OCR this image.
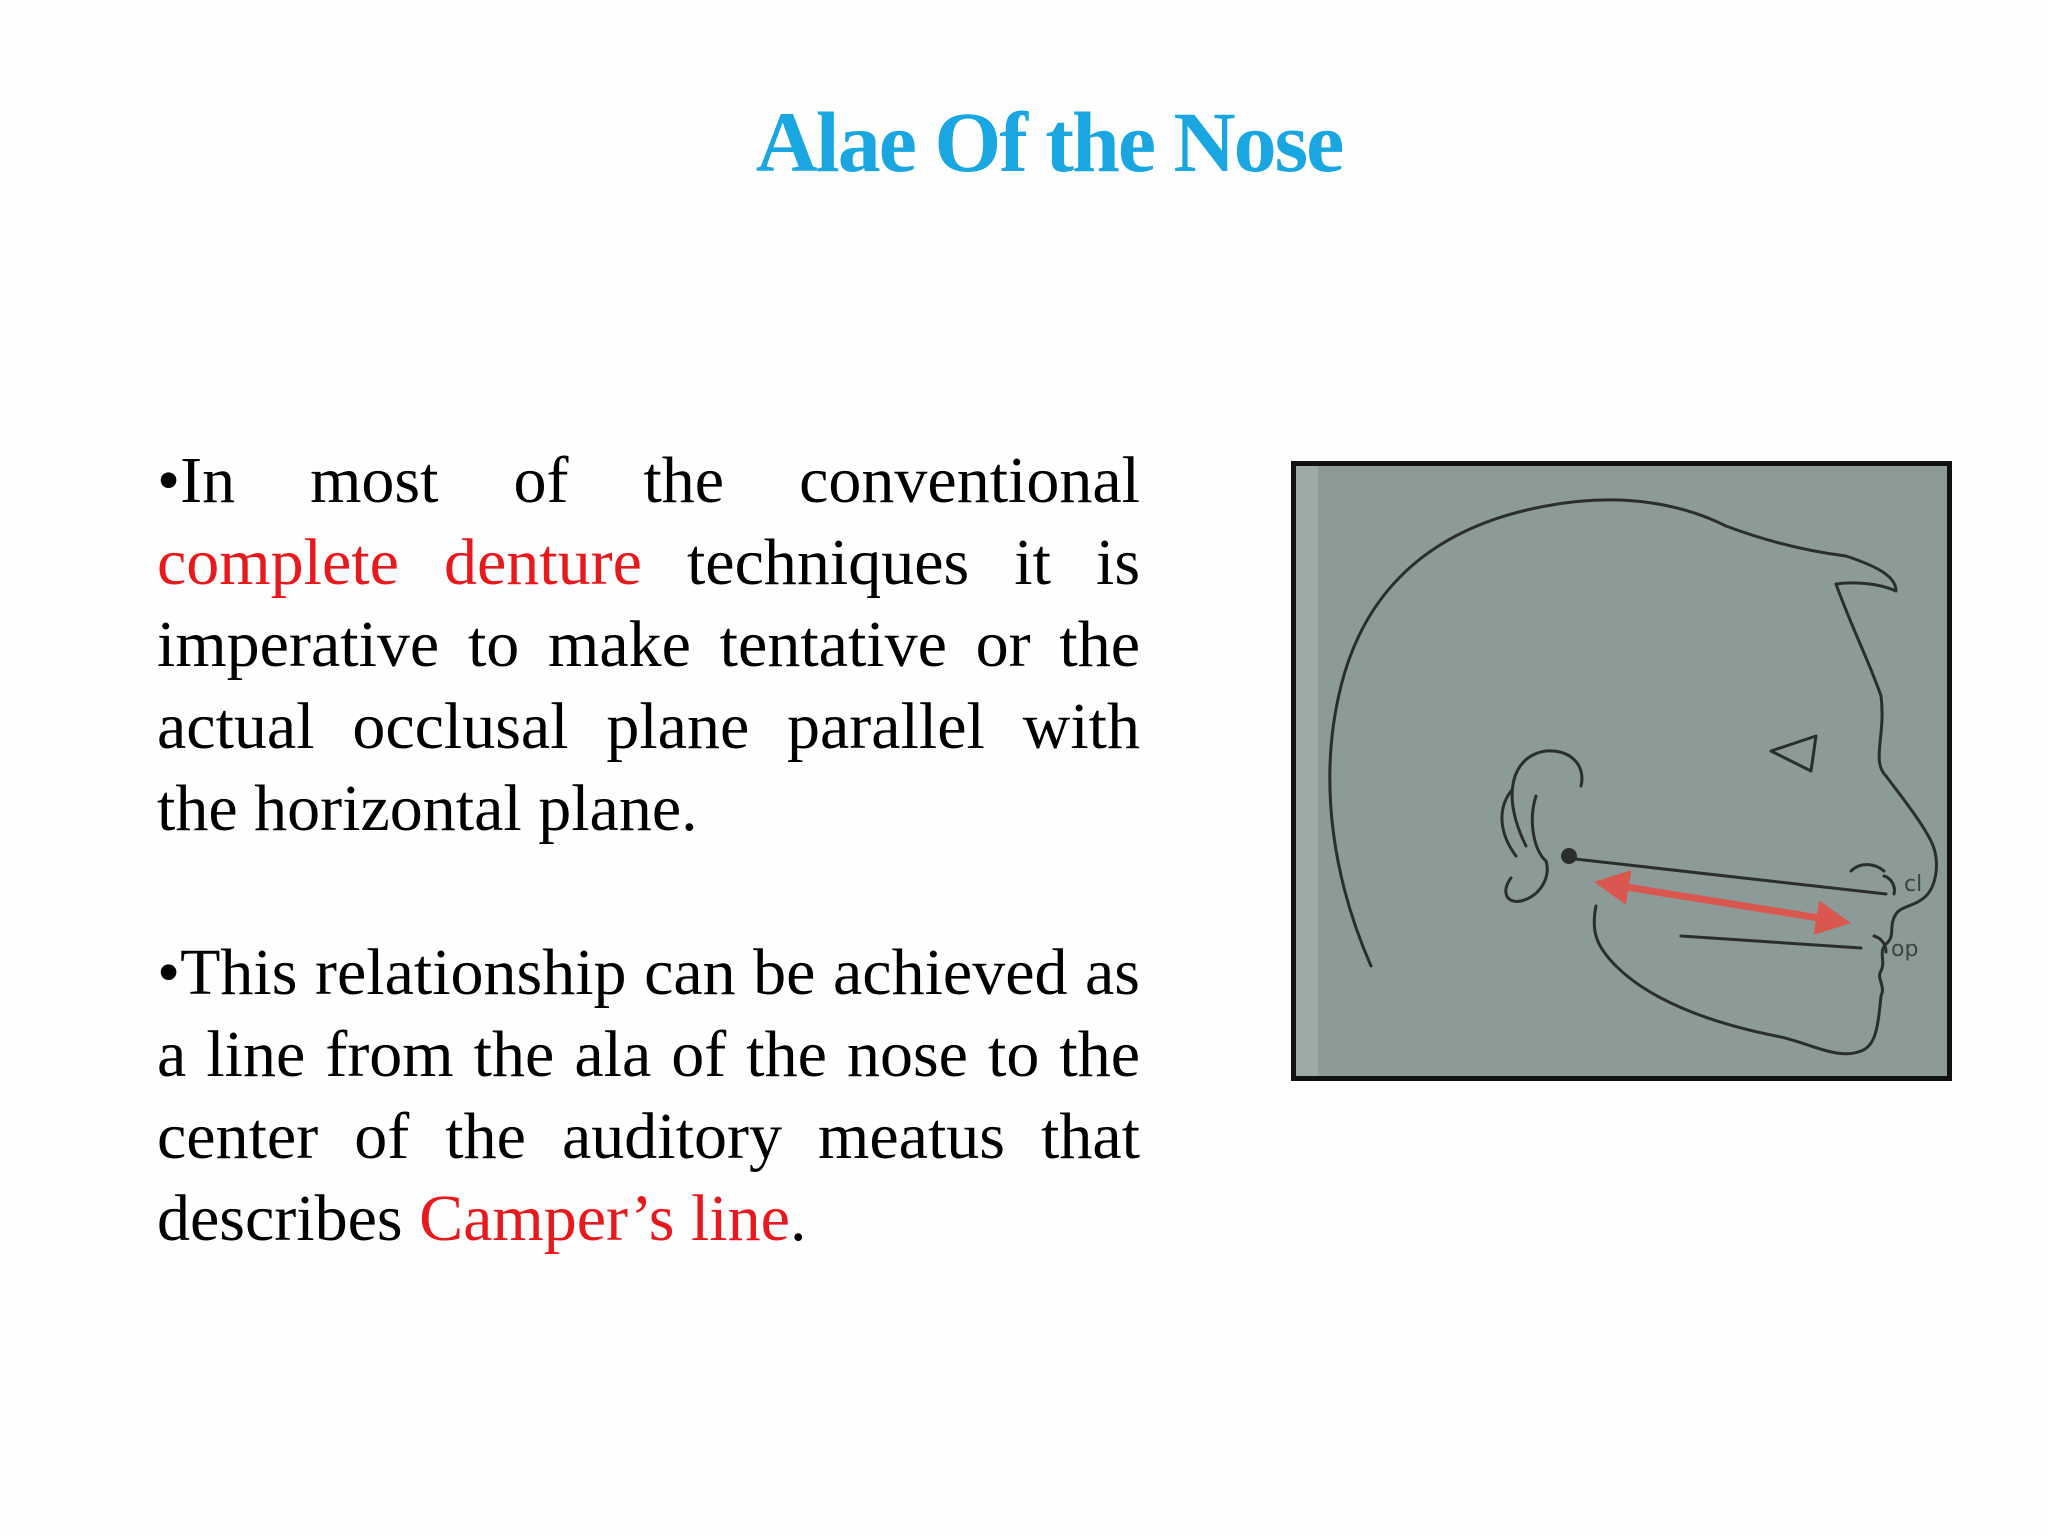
Alae Of the Nose

•In most of the conventional complete denture techniques it is imperative to make tentative or the actual occlusal plane parallel with the horizontal plane.

•This relationship can be achieved as a line from the ala of the nose to the center of the auditory meatus that describes Camper’s line.

cl
op
